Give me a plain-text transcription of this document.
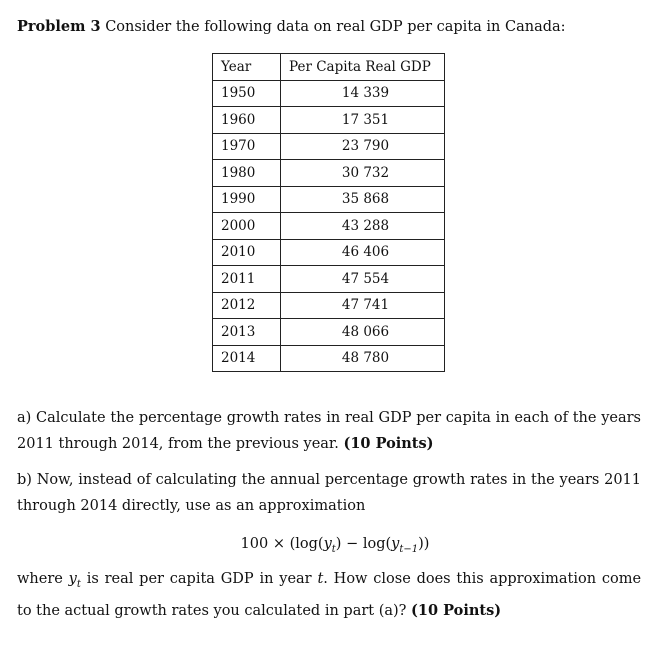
Problem 3 Consider the following data on real GDP per capita in Canada:
Year	Per Capita Real GDP
1950	14 339
1960	17 351
1970	23 790
1980	30 732
1990	35 868
2000	43 288
2010	46 406
2011	47 554
2012	47 741
2013	48 066
2014	48 780
a) Calculate the percentage growth rates in real GDP per capita in each of the years 2011 through 2014, from the previous year. (10 Points)
b) Now, instead of calculating the annual percentage growth rates in the years 2011 through 2014 directly, use as an approximation
$100 \times (\log(y_t) - \log(y_{t-1}))$
where $y_t$ is real per capita GDP in year t. How close does this approximation come to the actual growth rates you calculated in part (a)? (10 Points)
